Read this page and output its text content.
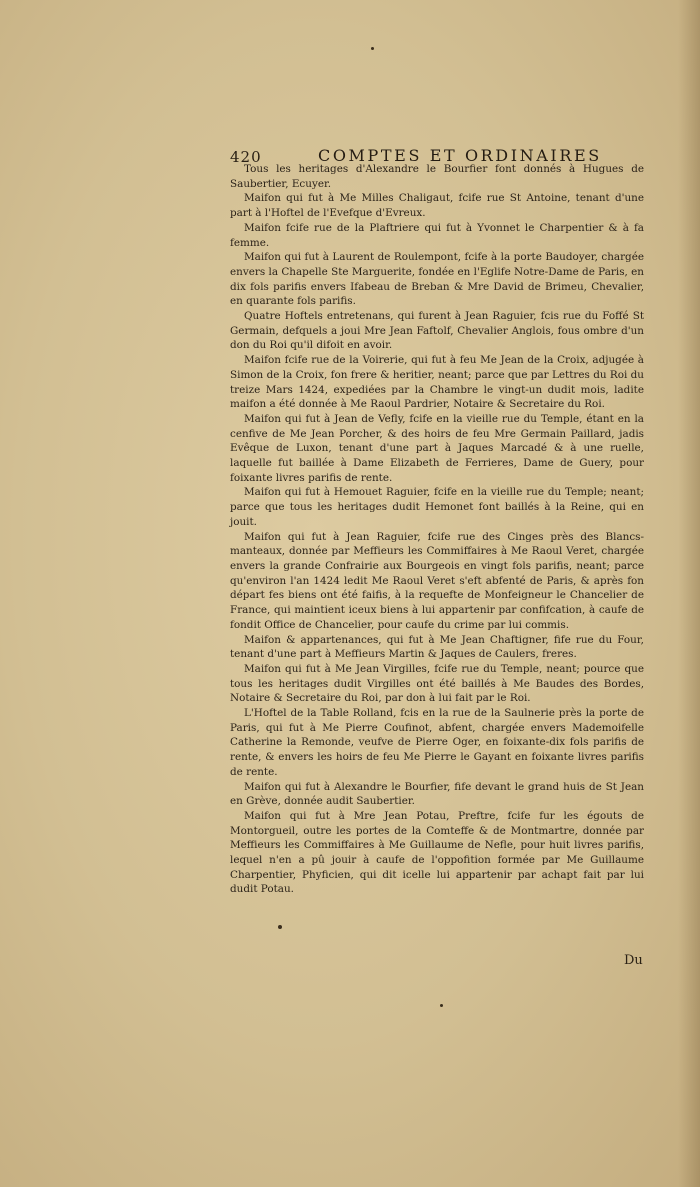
420	COMPTES ET ORDINAIRES

Tous les heritages d'Alexandre le Bourfier font donnés à Hugues de Saubertier, Ecuyer.

Maifon qui fut à Me Milles Chaligaut, fcife rue St Antoine, tenant d'une part à l'Hoftel de l'Evefque d'Evreux.

Maifon fcife rue de la Plaftriere qui fut à Yvonnet le Charpentier & à fa femme.

Maifon qui fut à Laurent de Roulempont, fcife à la porte Baudoyer, chargée envers la Chapelle Ste Marguerite, fondée en l'Eglife Notre-Dame de Paris, en dix fols parifis envers Ifabeau de Breban & Mre David de Brimeu, Chevalier, en quarante fols parifis.

Quatre Hoftels entretenans, qui furent à Jean Raguier, fcis rue du Foffé St Germain, defquels a joui Mre Jean Faftolf, Chevalier Anglois, fous ombre d'un don du Roi qu'il difoit en avoir.

Maifon fcife rue de la Voirerie, qui fut à feu Me Jean de la Croix, adjugée à Simon de la Croix, fon frere & heritier, neant; parce que par Lettres du Roi du treize Mars 1424, expediées par la Chambre le vingt-un dudit mois, ladite maifon a été donnée à Me Raoul Pardrier, Notaire & Secretaire du Roi.

Maifon qui fut à Jean de Vefly, fcife en la vieille rue du Temple, étant en la cenfive de Me Jean Porcher, & des hoirs de feu Mre Germain Paillard, jadis Evêque de Luxon, tenant d'une part à Jaques Marcadé & à une ruelle, laquelle fut baillée à Dame Elizabeth de Ferrieres, Dame de Guery, pour foixante livres parifis de rente.

Maifon qui fut à Hemouet Raguier, fcife en la vieille rue du Temple; neant; parce que tous les heritages dudit Hemonet font baillés à la Reine, qui en jouit.

Maifon qui fut à Jean Raguier, fcife rue des Cinges près des Blancs-manteaux, donnée par Meffieurs les Commiffaires à Me Raoul Veret, chargée envers la grande Confrairie aux Bourgeois en vingt fols parifis, neant; parce qu'environ l'an 1424 ledit Me Raoul Veret s'eft abfenté de Paris, & après fon départ fes biens ont été faifis, à la requefte de Monfeigneur le Chancelier de France, qui maintient iceux biens à lui appartenir par confifcation, à caufe de fondit Office de Chancelier, pour caufe du crime par lui commis.

Maifon & appartenances, qui fut à Me Jean Chaftigner, fife rue du Four, tenant d'une part à Meffieurs Martin & Jaques de Caulers, freres.

Maifon qui fut à Me Jean Virgilles, fcife rue du Temple, neant; pource que tous les heritages dudit Virgilles ont été baillés à Me Baudes des Bordes, Notaire & Secretaire du Roi, par don à lui fait par le Roi.

L'Hoftel de la Table Rolland, fcis en la rue de la Saulnerie près la porte de Paris, qui fut à Me Pierre Coufinot, abfent, chargée envers Mademoifelle Catherine la Remonde, veufve de Pierre Oger, en foixante-dix fols parifis de rente, & envers les hoirs de feu Me Pierre le Gayant en foixante livres parifis de rente.

Maifon qui fut à Alexandre le Bourfier, fife devant le grand huis de St Jean en Grève, donnée audit Saubertier.

Maifon qui fut à Mre Jean Potau, Preftre, fcife fur les égouts de Montorgueil, outre les portes de la Comteffe & de Montmartre, donnée par Meffieurs les Commiffaires à Me Guillaume de Nefle, pour huit livres parifis, lequel n'en a pû jouir à caufe de l'oppofition formée par Me Guillaume Charpentier, Phyficien, qui dit icelle lui appartenir par achapt fait par lui dudit Potau.

Du
